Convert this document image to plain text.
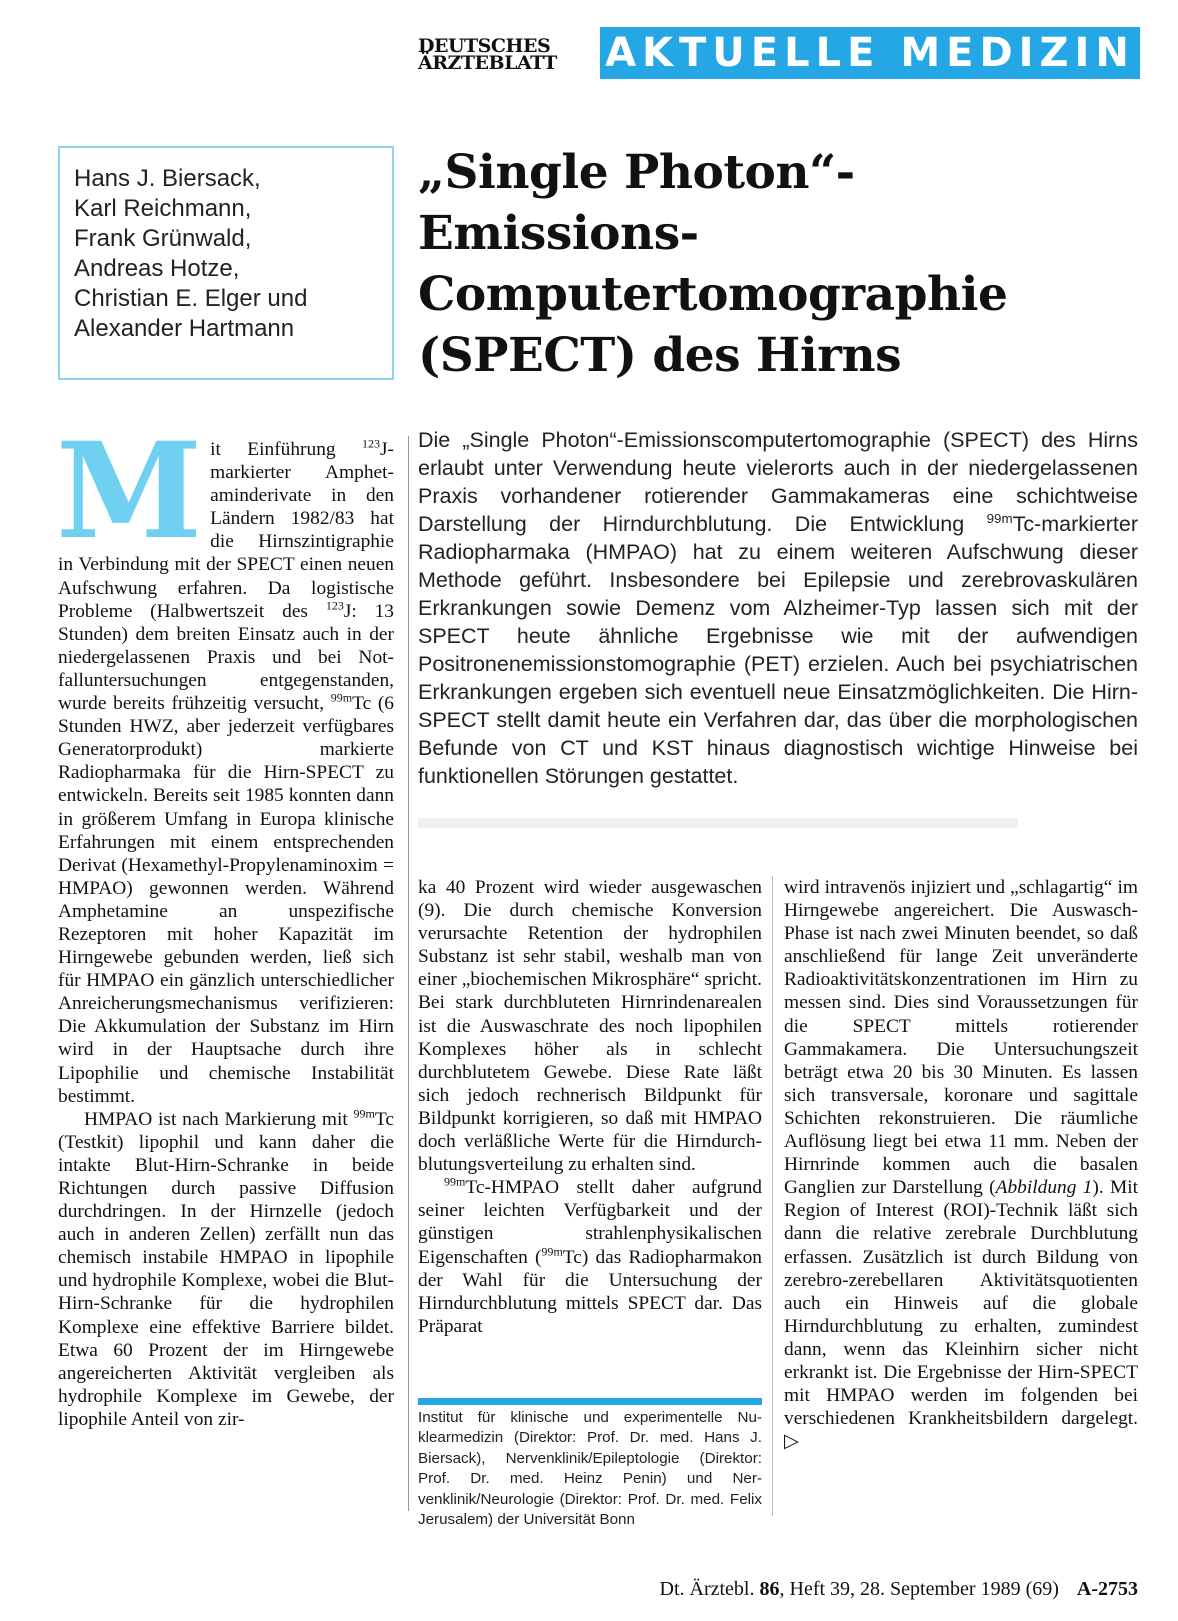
DEUTSCHES
ÄRZTEBLATT	AKTUELLE MEDIZIN
Hans J. Biersack,
Karl Reichmann,
Frank Grünwald,
Andreas Hotze,
Christian E. Elger und
Alexander Hartmann
„Single Photon“-
Emissions-
Computertomographie
(SPECT) des Hirns

Mit Einführung $^{123}$J-markierter Amphetaminderivate in den Ländern 1982/83 hat die Hirnszintigraphie in Verbindung mit der SPECT einen neuen Aufschwung erfahren. Da logistische Probleme (Halbwertszeit des $^{123}$J: 13 Stunden) dem breiten Einsatz auch in der niedergelassenen Praxis und bei Notfalluntersuchungen entgegenstanden, wurde bereits frühzeitig versucht, $^{99m}$Tc (6 Stunden HWZ, aber jederzeit verfügbares Generatorprodukt) markierte Radiopharmaka für die Hirn-SPECT zu entwickeln. Bereits seit 1985 konnten dann in größerem Umfang in Europa klinische Erfahrungen mit einem entsprechenden Derivat (Hexamethyl-Propylenaminoxim = HMPAO) gewonnen werden. Während Amphetamine an unspezifische Rezeptoren mit hoher Kapazität im Hirngewebe gebunden werden, ließ sich für HMPAO ein gänzlich unterschiedlicher Anreicherungsmechanismus verifizieren: Die Akkumulation der Substanz im Hirn wird in der Hauptsache durch ihre Lipophilie und chemische Instabilität bestimmt.

HMPAO ist nach Markierung mit $^{99m}$Tc (Testkit) lipophil und kann daher die intakte Blut-Hirn-Schranke in beide Richtungen durch passive Diffusion durchdringen. In der Hirnzelle (jedoch auch in anderen Zellen) zerfällt nun das chemisch instabile HMPAO in lipophile und hydrophile Komplexe, wobei die Blut-Hirn-Schranke für die hydrophilen Komplexe eine effektive Barriere bildet. Etwa 60 Prozent der im Hirngewebe angereicherten Aktivität vergleiben als hydrophile Komplexe im Gewebe, der lipophile Anteil von zir-

Die „Single Photon“-Emissionscomputertomographie (SPECT) des Hirns erlaubt unter Verwendung heute vielerorts auch in der niedergelassenen Praxis vorhandener rotierender Gammakameras eine schichtweise Darstellung der Hirndurchblutung. Die Entwicklung $^{99m}$Tc-markierter Radiopharmaka (HMPAO) hat zu einem weiteren Aufschwung dieser Methode geführt. Insbesondere bei Epilepsie und zerebrovaskulären Erkrankungen sowie Demenz vom Alzheimer-Typ lassen sich mit der SPECT heute ähnliche Ergebnisse wie mit der aufwendigen Positronenemissionstomographie (PET) erzielen. Auch bei psychiatrischen Erkrankungen ergeben sich eventuell neue Einsatzmöglichkeiten. Die Hirn-SPECT stellt damit heute ein Verfahren dar, das über die morphologischen Befunde von CT und KST hinaus diagnostisch wichtige Hinweise bei funktionellen Störungen gestattet.

ka 40 Prozent wird wieder ausgewaschen (9). Die durch chemische Konversion verursachte Retention der hydrophilen Substanz ist sehr stabil, weshalb man von einer „biochemischen Mikrosphäre“ spricht. Bei stark durchbluteten Hirnrindenarealen ist die Auswaschrate des noch lipophilen Komplexes höher als in schlecht durchblutetem Gewebe. Diese Rate läßt sich jedoch rechnerisch Bildpunkt für Bildpunkt korrigieren, so daß mit HMPAO doch verläßliche Werte für die Hirndurchblutungsverteilung zu erhalten sind.

$^{99m}$Tc-HMPAO stellt daher aufgrund seiner leichten Verfügbarkeit und der günstigen strahlenphysikalischen Eigenschaften ($^{99m}$Tc) das Radiopharmakon der Wahl für die Untersuchung der Hirndurchblutung mittels SPECT dar. Das Präparat

Institut für klinische und experimentelle Nuklearmedizin (Direktor: Prof. Dr. med. Hans J. Biersack), Nervenklinik/Epileptologie (Direktor: Prof. Dr. med. Heinz Penin) und Nervenklinik/Neurologie (Direktor: Prof. Dr. med. Felix Jerusalem) der Universität Bonn

wird intravenös injiziert und „schlagartig“ im Hirngewebe angereichert. Die Auswasch-Phase ist nach zwei Minuten beendet, so daß anschließend für lange Zeit unveränderte Radioaktivitätskonzentrationen im Hirn zu messen sind. Dies sind Voraussetzungen für die SPECT mittels rotierender Gammakamera. Die Untersuchungszeit beträgt etwa 20 bis 30 Minuten. Es lassen sich transversale, koronare und sagittale Schichten rekonstruieren. Die räumliche Auflösung liegt bei etwa 11 mm. Neben der Hirnrinde kommen auch die basalen Ganglien zur Darstellung (Abbildung 1). Mit Region of Interest (ROI)-Technik läßt sich dann die relative zerebrale Durchblutung erfassen. Zusätzlich ist durch Bildung von zerebro-zerebellaren Aktivitätsquotienten auch ein Hinweis auf die globale Hirndurchblutung zu erhalten, zumindest dann, wenn das Kleinhirn sicher nicht erkrankt ist. Die Ergebnisse der Hirn-SPECT mit HMPAO werden im folgenden bei verschiedenen Krankheitsbildern dargelegt. ▷

Dt. Ärztebl. 86, Heft 39, 28. September 1989 (69) A-2753
